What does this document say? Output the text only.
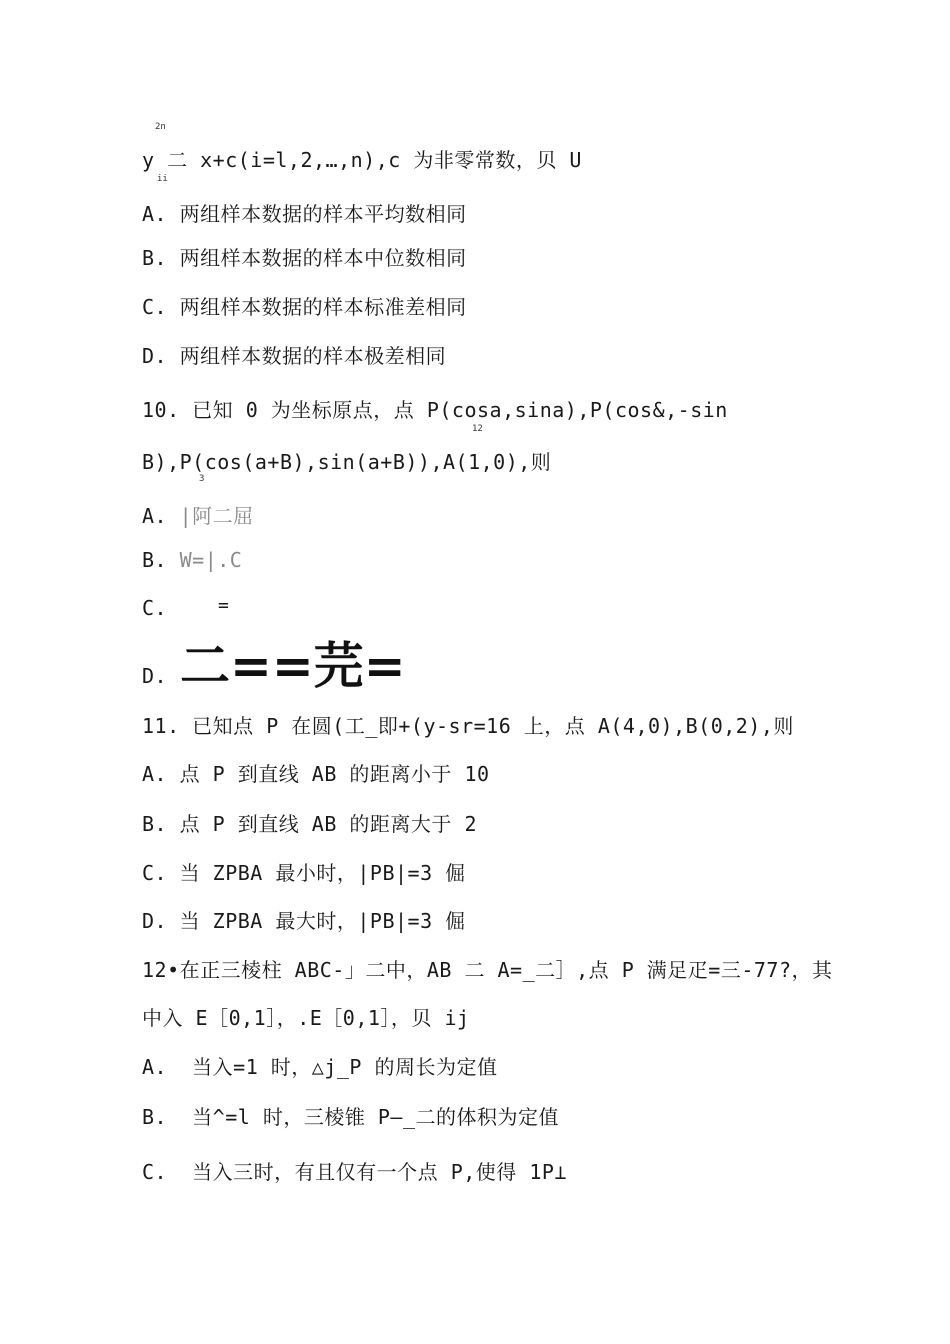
2n
y 二 x+c(i=l,2,…,n),c 为非零常数，贝 U
ii
A. 两组样本数据的样本平均数相同
B. 两组样本数据的样本中位数相同
C. 两组样本数据的样本标准差相同
D. 两组样本数据的样本极差相同
10. 已知 0 为坐标原点，点 P(cosa,sina),P(cos&,-sin
12
B),P(cos(a+B),sin(a+B)),A(1,0),则
3
A. |阿二屈
B. W=|.C
C.	=
D. 二==芫=
11. 已知点 P 在圆(工_即+(y-sr=16 上，点 A(4,0),B(0,2),则
A. 点 P 到直线 AB 的距离小于 10
B. 点 P 到直线 AB 的距离大于 2
C. 当 ZPBA 最小时，|PB|=3 倔
D. 当 ZPBA 最大时，|PB|=3 倔
12•在正三棱柱 ABC-」二中，AB 二 A=_二］,点 P 满足疋=三-77?，其
中入 E［0,1］，.E［0,1］，贝 ij
A.  当入=1 时，△j_P 的周长为定值
B.  当^=l 时，三棱锥 P—_二的体积为定值
C.  当入三时，有且仅有一个点 P,使得 1P⊥
